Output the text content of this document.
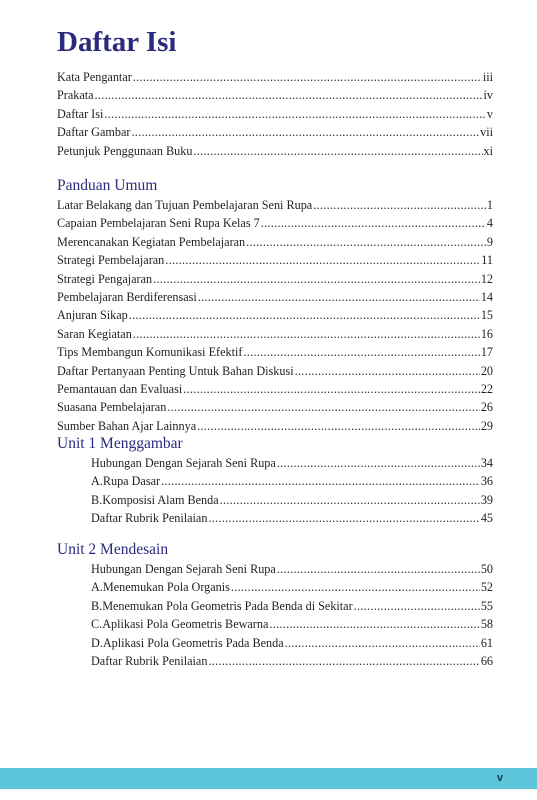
Daftar Isi
Kata Pengantar .....	iii
Prakata .....	iv
Daftar Isi .....	v
Daftar Gambar .....	vii
Petunjuk Penggunaan Buku .....	xi
Panduan Umum
Latar Belakang dan Tujuan Pembelajaran Seni Rupa .....	1
Capaian Pembelajaran Seni Rupa Kelas 7 .....	4
Merencanakan Kegiatan Pembelajaran .....	9
Strategi Pembelajaran .....	11
Strategi Pengajaran .....	12
Pembelajaran Berdiferensasi .....	14
Anjuran Sikap .....	15
Saran Kegiatan .....	16
Tips Membangun Komunikasi Efektif .....	17
Daftar Pertanyaan Penting Untuk Bahan Diskusi .....	20
Pemantauan dan Evaluasi .....	22
Suasana Pembelajaran .....	26
Sumber Bahan Ajar Lainnya .....	29
Unit 1 Menggambar
Hubungan Dengan Sejarah Seni Rupa .....	34
A. Rupa Dasar .....	36
B. Komposisi Alam Benda .....	39
Daftar Rubrik Penilaian .....	45
Unit 2 Mendesain
Hubungan Dengan Sejarah Seni Rupa .....	50
A. Menemukan Pola Organis .....	52
B. Menemukan Pola Geometris Pada Benda di Sekitar .....	55
C. Aplikasi Pola Geometris Bewarna .....	58
D. Aplikasi Pola Geometris Pada Benda .....	61
Daftar Rubrik Penilaian .....	66
v
